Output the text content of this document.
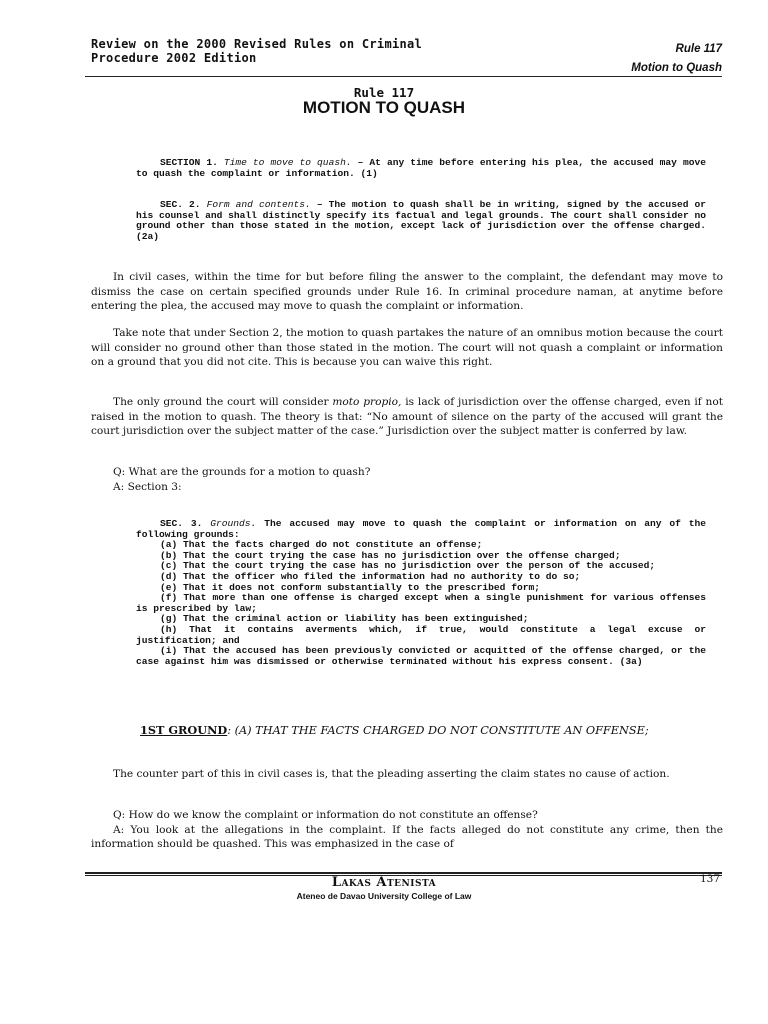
Review on the 2000 Revised Rules on Criminal
Procedure 2002 Edition
Rule 117
Motion to Quash
Rule 117
MOTION TO QUASH

SECTION 1. Time to move to quash. – At any time before entering his plea, the accused may move to quash the complaint or information. (1)

SEC. 2. Form and contents. – The motion to quash shall be in writing, signed by the accused or his counsel and shall distinctly specify its factual and legal grounds. The court shall consider no ground other than those stated in the motion, except lack of jurisdiction over the offense charged. (2a)

In civil cases, within the time for but before filing the answer to the complaint, the defendant may move to dismiss the case on certain specified grounds under Rule 16. In criminal procedure naman, at anytime before entering the plea, the accused may move to quash the complaint or information.

Take note that under Section 2, the motion to quash partakes the nature of an omnibus motion because the court will consider no ground other than those stated in the motion. The court will not quash a complaint or information on a ground that you did not cite. This is because you can waive this right.

The only ground the court will consider moto propio, is lack of jurisdiction over the offense charged, even if not raised in the motion to quash. The theory is that: “No amount of silence on the party of the accused will grant the court jurisdiction over the subject matter of the case.” Jurisdiction over the subject matter is conferred by law.

Q: What are the grounds for a motion to quash?

A: Section 3:

SEC. 3. Grounds. The accused may move to quash the complaint or information on any of the following grounds:

(a) That the facts charged do not constitute an offense;

(b) That the court trying the case has no jurisdiction over the offense charged;

(c) That the court trying the case has no jurisdiction over the person of the accused;

(d) That the officer who filed the information had no authority to do so;

(e) That it does not conform substantially to the prescribed form;

(f) That more than one offense is charged except when a single punishment for various offenses is prescribed by law;

(g) That the criminal action or liability has been extinguished;

(h) That it contains averments which, if true, would constitute a legal excuse or justification; and

(i) That the accused has been previously convicted or acquitted of the offense charged, or the case against him was dismissed or otherwise terminated without his express consent. (3a)

1ST GROUND: (A) THAT THE FACTS CHARGED DO NOT CONSTITUTE AN OFFENSE;

The counter part of this in civil cases is, that the pleading asserting the claim states no cause of action.

Q: How do we know the complaint or information do not constitute an offense?

A: You look at the allegations in the complaint. If the facts alleged do not constitute any crime, then the information should be quashed. This was emphasized in the case of

137
Lakas Atenista
Ateneo de Davao University College of Law
